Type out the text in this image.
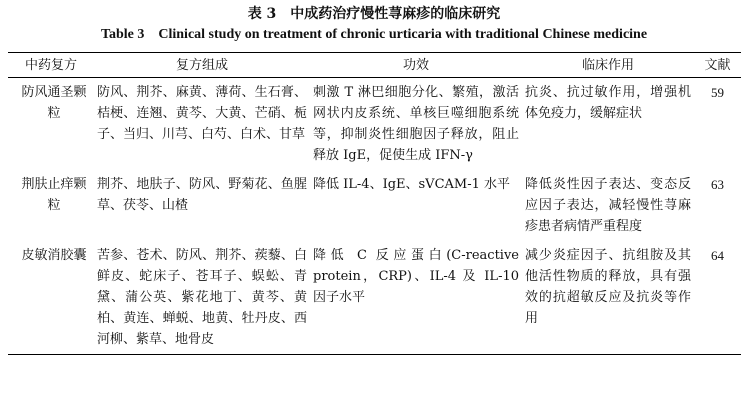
表 3　中成药治疗慢性荨麻疹的临床研究
Table 3　Clinical study on treatment of chronic urticaria with traditional Chinese medicine
中药复方	复方组成	功效	临床作用	文献
防风通圣颗粒	防风、荆芥、麻黄、薄荷、生石膏、桔梗、连翘、黄芩、大黄、芒硝、栀子、当归、川芎、白芍、白术、甘草	刺激 T 淋巴细胞分化、繁殖，激活网状内皮系统、单核巨噬细胞系统等，抑制炎性细胞因子释放，阻止释放 IgE，促使生成 IFN-γ	抗炎、抗过敏作用，增强机体免疫力，缓解症状	59
荆肤止痒颗粒	荆芥、地肤子、防风、野菊花、鱼腥草、茯苓、山楂	降低 IL-4、IgE、sVCAM-1 水平	降低炎性因子表达、变态反应因子表达，减轻慢性荨麻疹患者病情严重程度	63
皮敏消胶囊	苦参、苍术、防风、荆芥、蒺藜、白鲜皮、蛇床子、苍耳子、蜈蚣、青黛、蒲公英、紫花地丁、黄芩、黄柏、黄连、蝉蜕、地黄、牡丹皮、西河柳、紫草、地骨皮	降低 C 反应蛋白(C-reactive protein，CRP)、IL-4 及 IL-10 因子水平	减少炎症因子、抗组胺及其他活性物质的释放，具有强效的抗超敏反应及抗炎等作用	64
